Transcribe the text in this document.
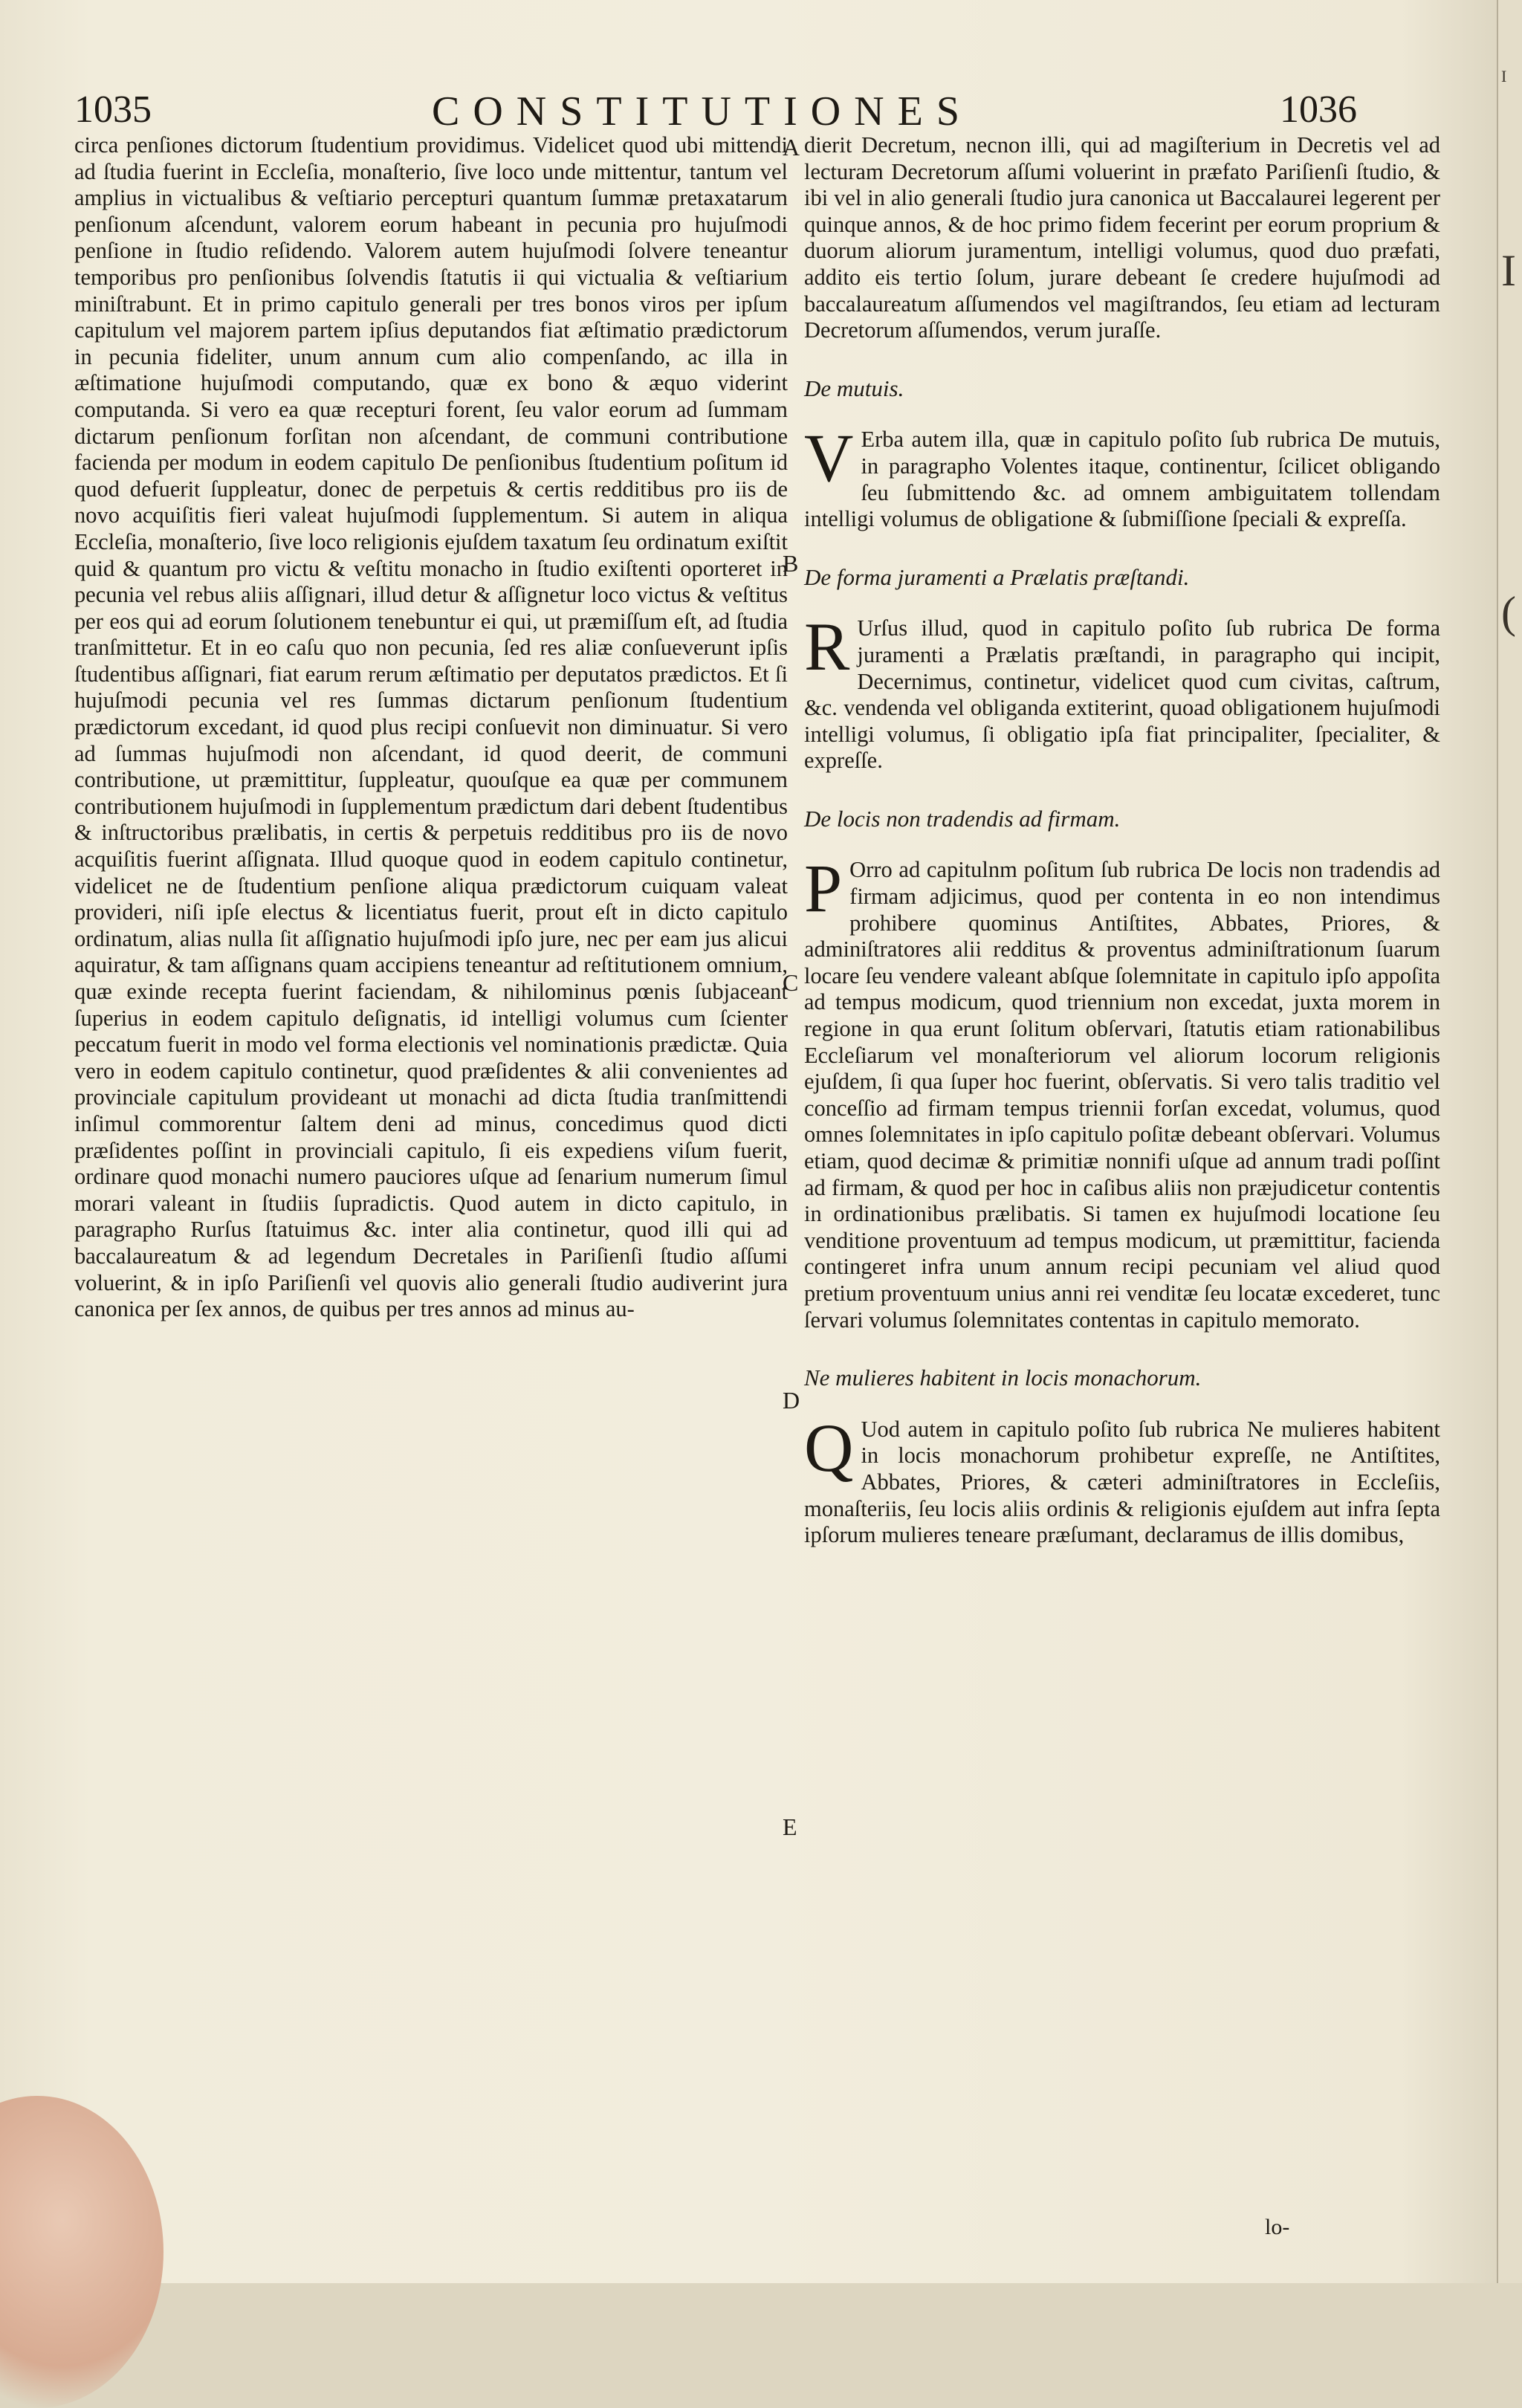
I
I
(
1035	CONSTITUTIONES	1036
A
B
C
D
E

circa penſiones dictorum ſtudentium providimus. Videlicet quod ubi mittendi ad ſtudia fuerint in Eccleſia, monaſterio, ſive loco unde mittentur, tantum vel amplius in victualibus & veſtiario percepturi quantum ſummæ pretaxatarum penſionum aſcendunt, valorem eorum habeant in pecunia pro hujuſmodi penſione in ſtudio reſidendo. Valorem autem hujuſmodi ſolvere teneantur temporibus pro penſionibus ſolvendis ſtatutis ii qui victualia & veſtiarium miniſtrabunt. Et in primo capitulo generali per tres bonos viros per ipſum capitulum vel majorem partem ipſius deputandos fiat æſtimatio prædictorum in pecunia fideliter, unum annum cum alio compenſando, ac illa in æſtimatione hujuſmodi computando, quæ ex bono & æquo viderint computanda. Si vero ea quæ recepturi forent, ſeu valor eorum ad ſummam dictarum penſionum forſitan non aſcendant, de communi contributione facienda per modum in eodem capitulo De penſionibus ſtudentium poſitum id quod defuerit ſuppleatur, donec de perpetuis & certis redditibus pro iis de novo acquiſitis fieri valeat hujuſmodi ſupplementum. Si autem in aliqua Eccleſia, monaſterio, ſive loco religionis ejuſdem taxatum ſeu ordinatum exiſtit quid & quantum pro victu & veſtitu monacho in ſtudio exiſtenti oporteret in pecunia vel rebus aliis aſſignari, illud detur & aſſignetur loco victus & veſtitus per eos qui ad eorum ſolutionem tenebuntur ei qui, ut præmiſſum eſt, ad ſtudia tranſmittetur. Et in eo caſu quo non pecunia, ſed res aliæ conſueverunt ipſis ſtudentibus aſſignari, fiat earum rerum æſtimatio per deputatos prædictos. Et ſi hujuſmodi pecunia vel res ſummas dictarum penſionum ſtudentium prædictorum excedant, id quod plus recipi conſuevit non diminuatur. Si vero ad ſummas hujuſmodi non aſcendant, id quod deerit, de communi contributione, ut præmittitur, ſuppleatur, quouſque ea quæ per communem contributionem hujuſmodi in ſupplementum prædictum dari debent ſtudentibus & inſtructoribus prælibatis, in certis & perpetuis redditibus pro iis de novo acquiſitis fuerint aſſignata. Illud quoque quod in eodem capitulo continetur, videlicet ne de ſtudentium penſione aliqua prædictorum cuiquam valeat provideri, niſi ipſe electus & licentiatus fuerit, prout eſt in dicto capitulo ordinatum, alias nulla ſit aſſignatio hujuſmodi ipſo jure, nec per eam jus alicui aquiratur, & tam aſſignans quam accipiens teneantur ad reſtitutionem omnium, quæ exinde recepta fuerint faciendam, & nihilominus pœnis ſubjaceant ſuperius in eodem capitulo deſignatis, id intelligi volumus cum ſcienter peccatum fuerit in modo vel forma electionis vel nominationis prædictæ. Quia vero in eodem capitulo continetur, quod præſidentes & alii convenientes ad provinciale capitulum provideant ut monachi ad dicta ſtudia tranſmittendi inſimul commorentur ſaltem deni ad minus, concedimus quod dicti præſidentes poſſint in provinciali capitulo, ſi eis expediens viſum fuerit, ordinare quod monachi numero pauciores uſque ad ſenarium numerum ſimul morari valeant in ſtudiis ſupradictis. Quod autem in dicto capitulo, in paragrapho Rurſus ſtatuimus &c. inter alia continetur, quod illi qui ad baccalaureatum & ad legendum Decretales in Pariſienſi ſtudio aſſumi voluerint, & in ipſo Pariſienſi vel quovis alio generali ſtudio audiverint jura canonica per ſex annos, de quibus per tres annos ad minus au-

dierit Decretum, necnon illi, qui ad magiſterium in Decretis vel ad lecturam Decretorum aſſumi voluerint in præfato Pariſienſi ſtudio, & ibi vel in alio generali ſtudio jura canonica ut Baccalaurei legerent per quinque annos, & de hoc primo fidem fecerint per eorum proprium & duorum aliorum juramentum, intelligi volumus, quod duo præfati, addito eis tertio ſolum, jurare debeant ſe credere hujuſmodi ad baccalaureatum aſſumendos vel magiſtrandos, ſeu etiam ad lecturam Decretorum aſſumendos, verum juraſſe.

De mutuis.

V Erba autem illa, quæ in capitulo poſito ſub rubrica De mutuis, in paragrapho Volentes itaque, continentur, ſcilicet obligando ſeu ſubmittendo &c. ad omnem ambiguitatem tollendam intelligi volumus de obligatione & ſubmiſſione ſpeciali & expreſſa.

De forma juramenti a Prælatis præſtandi.

R Urſus illud, quod in capitulo poſito ſub rubrica De forma juramenti a Prælatis præſtandi, in paragrapho qui incipit, Decernimus, continetur, videlicet quod cum civitas, caſtrum, &c. vendenda vel obliganda extiterint, quoad obligationem hujuſmodi intelligi volumus, ſi obligatio ipſa fiat principaliter, ſpecialiter, & expreſſe.

De locis non tradendis ad firmam.

P Orro ad capitulnm poſitum ſub rubrica De locis non tradendis ad firmam adjicimus, quod per contenta in eo non intendimus prohibere quominus Antiſtites, Abbates, Priores, & adminiſtratores alii redditus & proventus adminiſtrationum ſuarum locare ſeu vendere valeant abſque ſolemnitate in capitulo ipſo appoſita ad tempus modicum, quod triennium non excedat, juxta morem in regione in qua erunt ſolitum obſervari, ſtatutis etiam rationabilibus Eccleſiarum vel monaſteriorum vel aliorum locorum religionis ejuſdem, ſi qua ſuper hoc fuerint, obſervatis. Si vero talis traditio vel conceſſio ad firmam tempus triennii forſan excedat, volumus, quod omnes ſolemnitates in ipſo capitulo poſitæ debeant obſervari. Volumus etiam, quod decimæ & primitiæ nonnifi uſque ad annum tradi poſſint ad firmam, & quod per hoc in caſibus aliis non præjudicetur contentis in ordinationibus prælibatis. Si tamen ex hujuſmodi locatione ſeu venditione proventuum ad tempus modicum, ut præmittitur, facienda contingeret infra unum annum recipi pecuniam vel aliud quod pretium proventuum unius anni rei venditæ ſeu locatæ excederet, tunc ſervari volumus ſolemnitates contentas in capitulo memorato.

Ne mulieres habitent in locis monachorum.

Q Uod autem in capitulo poſito ſub rubrica Ne mulieres habitent in locis monachorum prohibetur expreſſe, ne Antiſtites, Abbates, Priores, & cæteri adminiſtratores in Eccleſiis, monaſteriis, ſeu locis aliis ordinis & religionis ejuſdem aut infra ſepta ipſorum mulieres teneare præſumant, declaramus de illis domibus,

lo-
